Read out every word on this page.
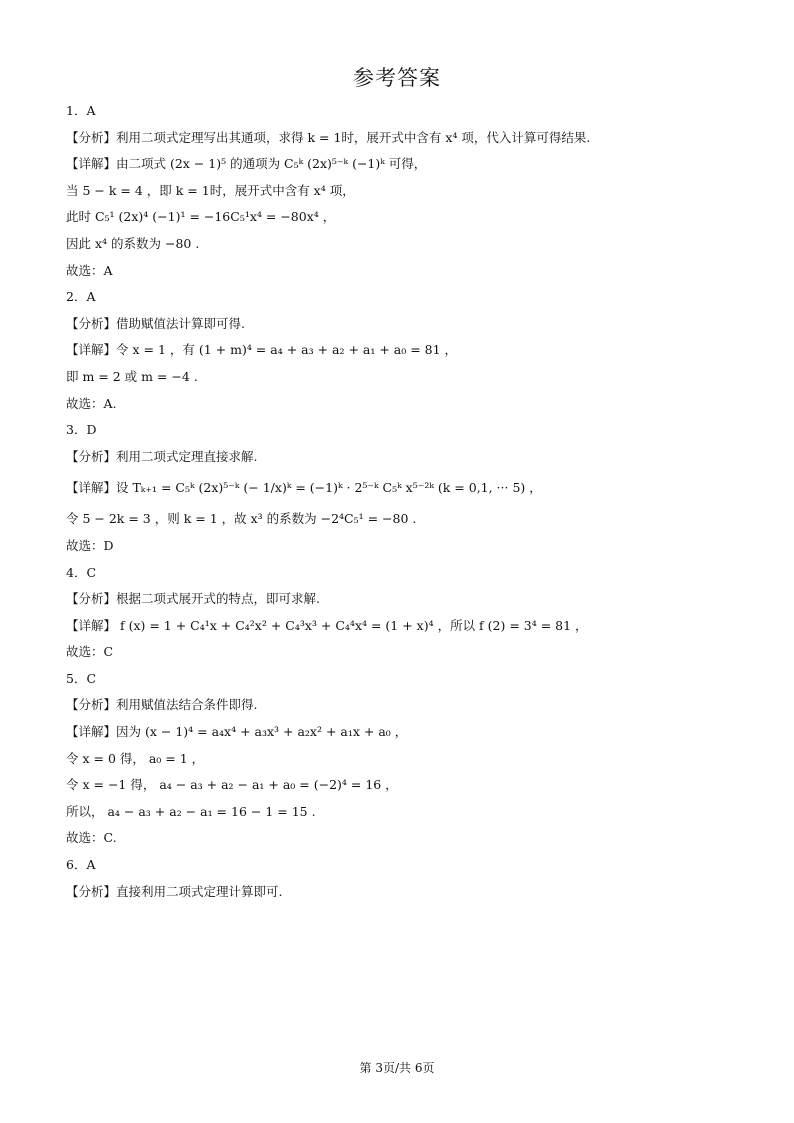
参考答案
1．A
【分析】利用二项式定理写出其通项，求得 k = 1时，展开式中含有 x⁴ 项，代入计算可得结果.
【详解】由二项式 (2x − 1)⁵ 的通项为 C₅ᵏ (2x)⁵⁻ᵏ (−1)ᵏ 可得，
当 5 − k = 4 ，即 k = 1时，展开式中含有 x⁴ 项，
此时 C₅¹ (2x)⁴ (−1)¹ = −16C₅¹x⁴ = −80x⁴ ，
因此 x⁴ 的系数为 −80 .
故选：A
2．A
【分析】借助赋值法计算即可得.
【详解】令 x = 1 ，有 (1 + m)⁴ = a₄ + a₃ + a₂ + a₁ + a₀ = 81 ，
即 m = 2 或 m = −4 .
故选：A.
3．D
【分析】利用二项式定理直接求解.
【详解】设 Tₖ₊₁ = C₅ᵏ (2x)⁵⁻ᵏ (− 1/x)ᵏ = (−1)ᵏ · 2⁵⁻ᵏ C₅ᵏ x⁵⁻²ᵏ (k = 0,1, ··· 5) ，
令 5 − 2k = 3 ，则 k = 1 ，故 x³ 的系数为 −2⁴C₅¹ = −80 .
故选：D
4．C
【分析】根据二项式展开式的特点，即可求解.
【详解】 f (x) = 1 + C₄¹x + C₄²x² + C₄³x³ + C₄⁴x⁴ = (1 + x)⁴ ，所以 f (2) = 3⁴ = 81 ，
故选：C
5．C
【分析】利用赋值法结合条件即得.
【详解】因为 (x − 1)⁴ = a₄x⁴ + a₃x³ + a₂x² + a₁x + a₀ ，
令 x = 0 得， a₀ = 1 ，
令 x = −1 得， a₄ − a₃ + a₂ − a₁ + a₀ = (−2)⁴ = 16 ，
所以， a₄ − a₃ + a₂ − a₁ = 16 − 1 = 15 .
故选：C.
6．A
【分析】直接利用二项式定理计算即可.
第 3页/共 6页
